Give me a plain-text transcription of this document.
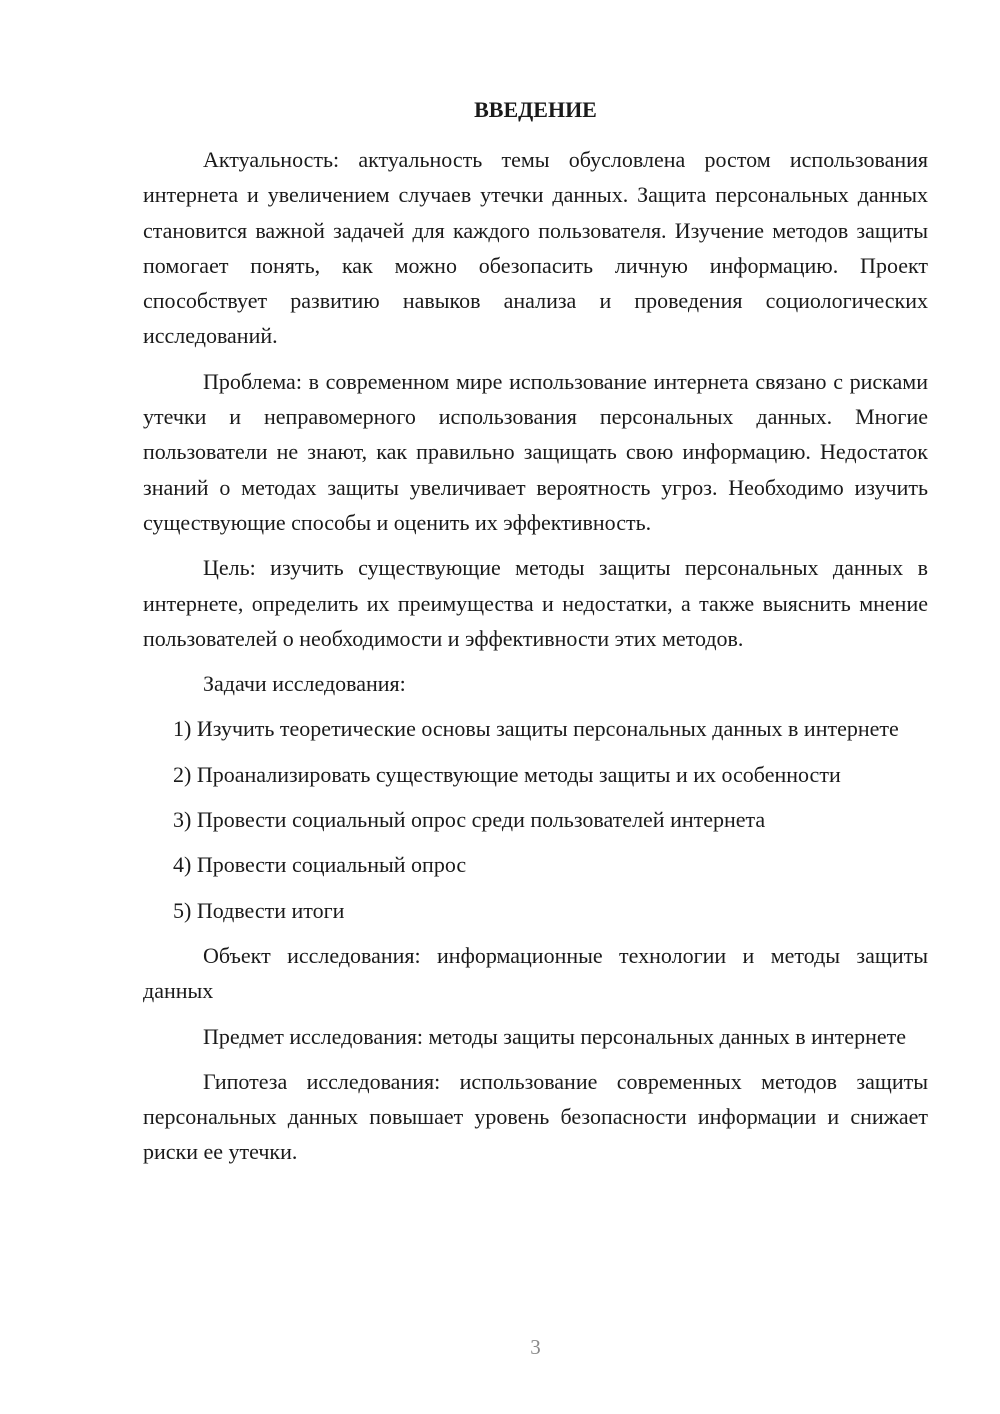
ВВЕДЕНИЕ

Актуальность: актуальность темы обусловлена ростом использования интернета и увеличением случаев утечки данных. Защита персональных данных становится важной задачей для каждого пользователя. Изучение методов защиты помогает понять, как можно обезопасить личную информацию. Проект способствует развитию навыков анализа и проведения социологических исследований.

Проблема: в современном мире использование интернета связано с рисками утечки и неправомерного использования персональных данных. Многие пользователи не знают, как правильно защищать свою информацию. Недостаток знаний о методах защиты увеличивает вероятность угроз. Необходимо изучить существующие способы и оценить их эффективность.

Цель: изучить существующие методы защиты персональных данных в интернете, определить их преимущества и недостатки, а также выяснить мнение пользователей о необходимости и эффективности этих методов.

Задачи исследования:

1) Изучить теоретические основы защиты персональных данных в интернете

2) Проанализировать существующие методы защиты и их особенности

3) Провести социальный опрос среди пользователей интернета

4) Провести социальный опрос

5) Подвести итоги

Объект исследования: информационные технологии и методы защиты данных

Предмет исследования: методы защиты персональных данных в интернете

Гипотеза исследования: использование современных методов защиты персональных данных повышает уровень безопасности информации и снижает риски ее утечки.

3
